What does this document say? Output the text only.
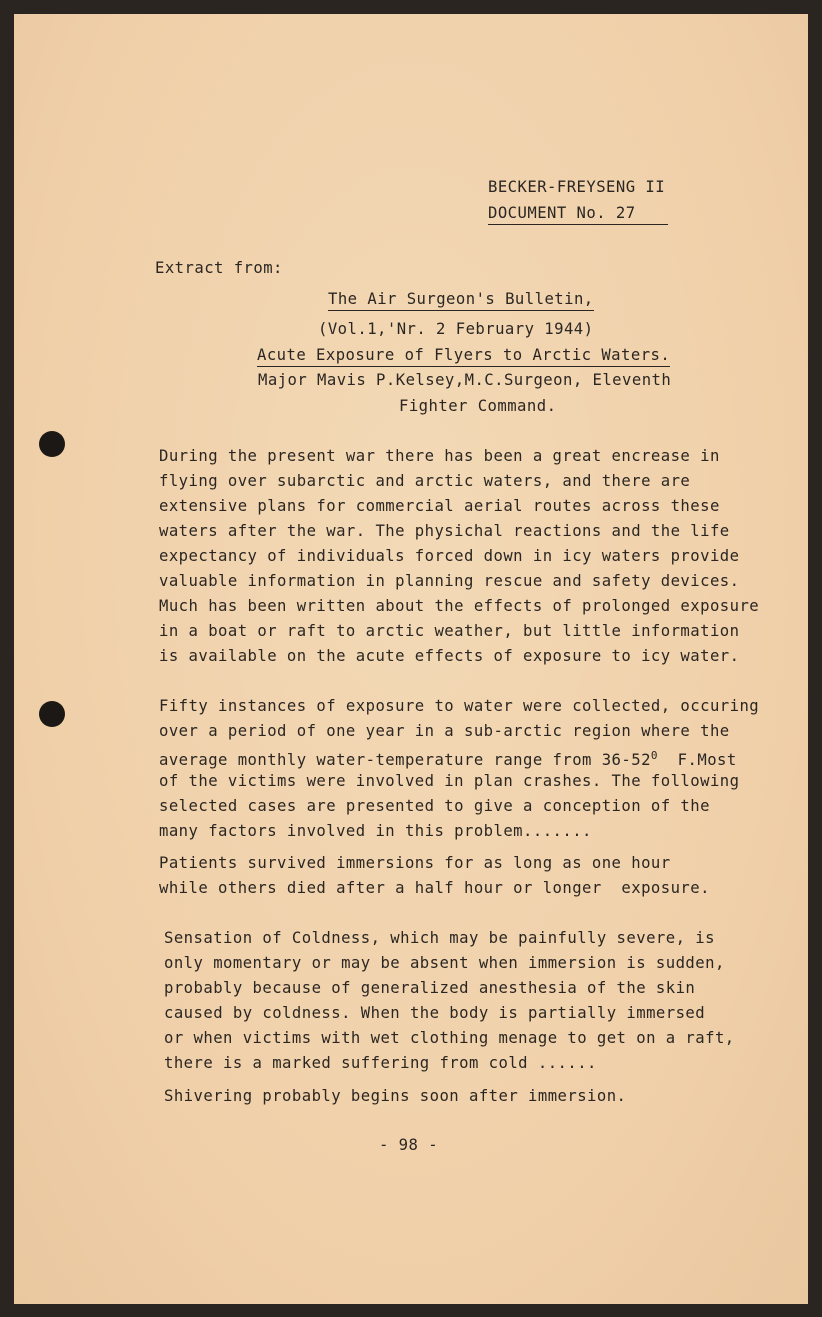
BECKER-FREYSENG II
DOCUMENT No. 27
Extract from:
The Air Surgeon's Bulletin,
(Vol.1,'Nr. 2 February 1944)
Acute Exposure of Flyers to Arctic Waters.
Major Mavis P.Kelsey,M.C.Surgeon, Eleventh
Fighter Command.
During the present war there has been a great encrease in
flying over subarctic and arctic waters, and there are
extensive plans for commercial aerial routes across these
waters after the war. The physichal reactions and the life
expectancy of individuals forced down in icy waters provide
valuable information in planning rescue and safety devices.
Much has been written about the effects of prolonged exposure
in a boat or raft to arctic weather, but little information
is available on the acute effects of exposure to icy water.
Fifty instances of exposure to water were collected, occuring
over a period of one year in a sub-arctic region where the
average monthly water-temperature range from $36-52^0$  F.Most
of the victims were involved in plan crashes. The following
selected cases are presented to give a conception of the
many factors involved in this problem.......
Patients survived immersions for as long as one hour
while others died after a half hour or longer  exposure.
Sensation of Coldness, which may be painfully severe, is
only momentary or may be absent when immersion is sudden,
probably because of generalized anesthesia of the skin
caused by coldness. When the body is partially immersed
or when victims with wet clothing menage to get on a raft,
there is a marked suffering from cold ......
Shivering probably begins soon after immersion.
- 98 -
